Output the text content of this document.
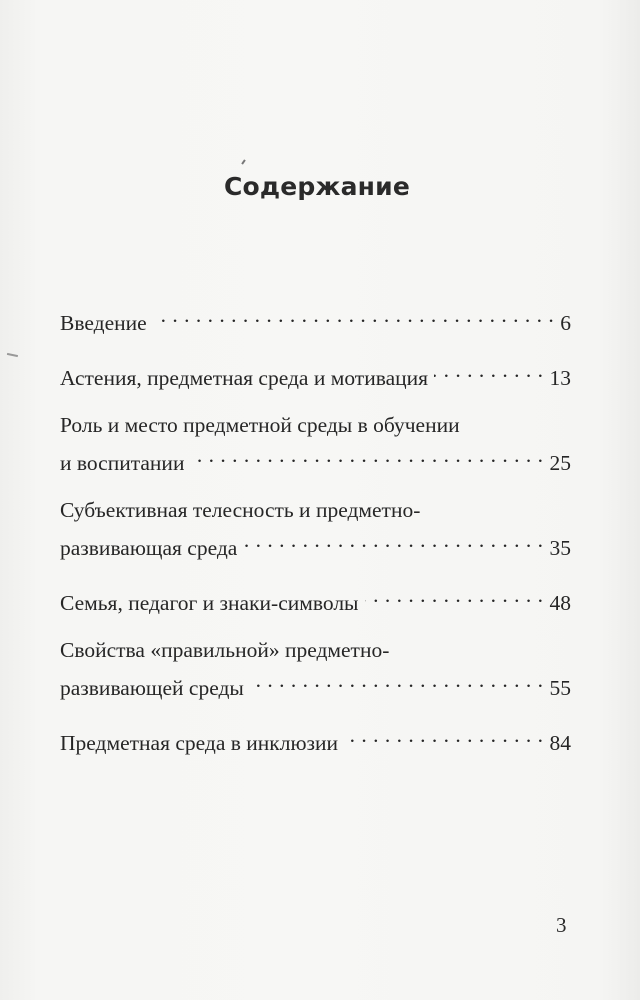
Содержание
Введение . . .	6
Астения, предметная среда и мотивация . . .	13
Роль и место предметной среды в обучении
и воспитании . . .	25
Субъективная телесность и предметно-
развивающая среда . . .	35
Семья, педагог и знаки-символы . . .	48
Свойства «правильной» предметно-
развивающей среды . . .	55
Предметная среда в инклюзии . . .	84
3
